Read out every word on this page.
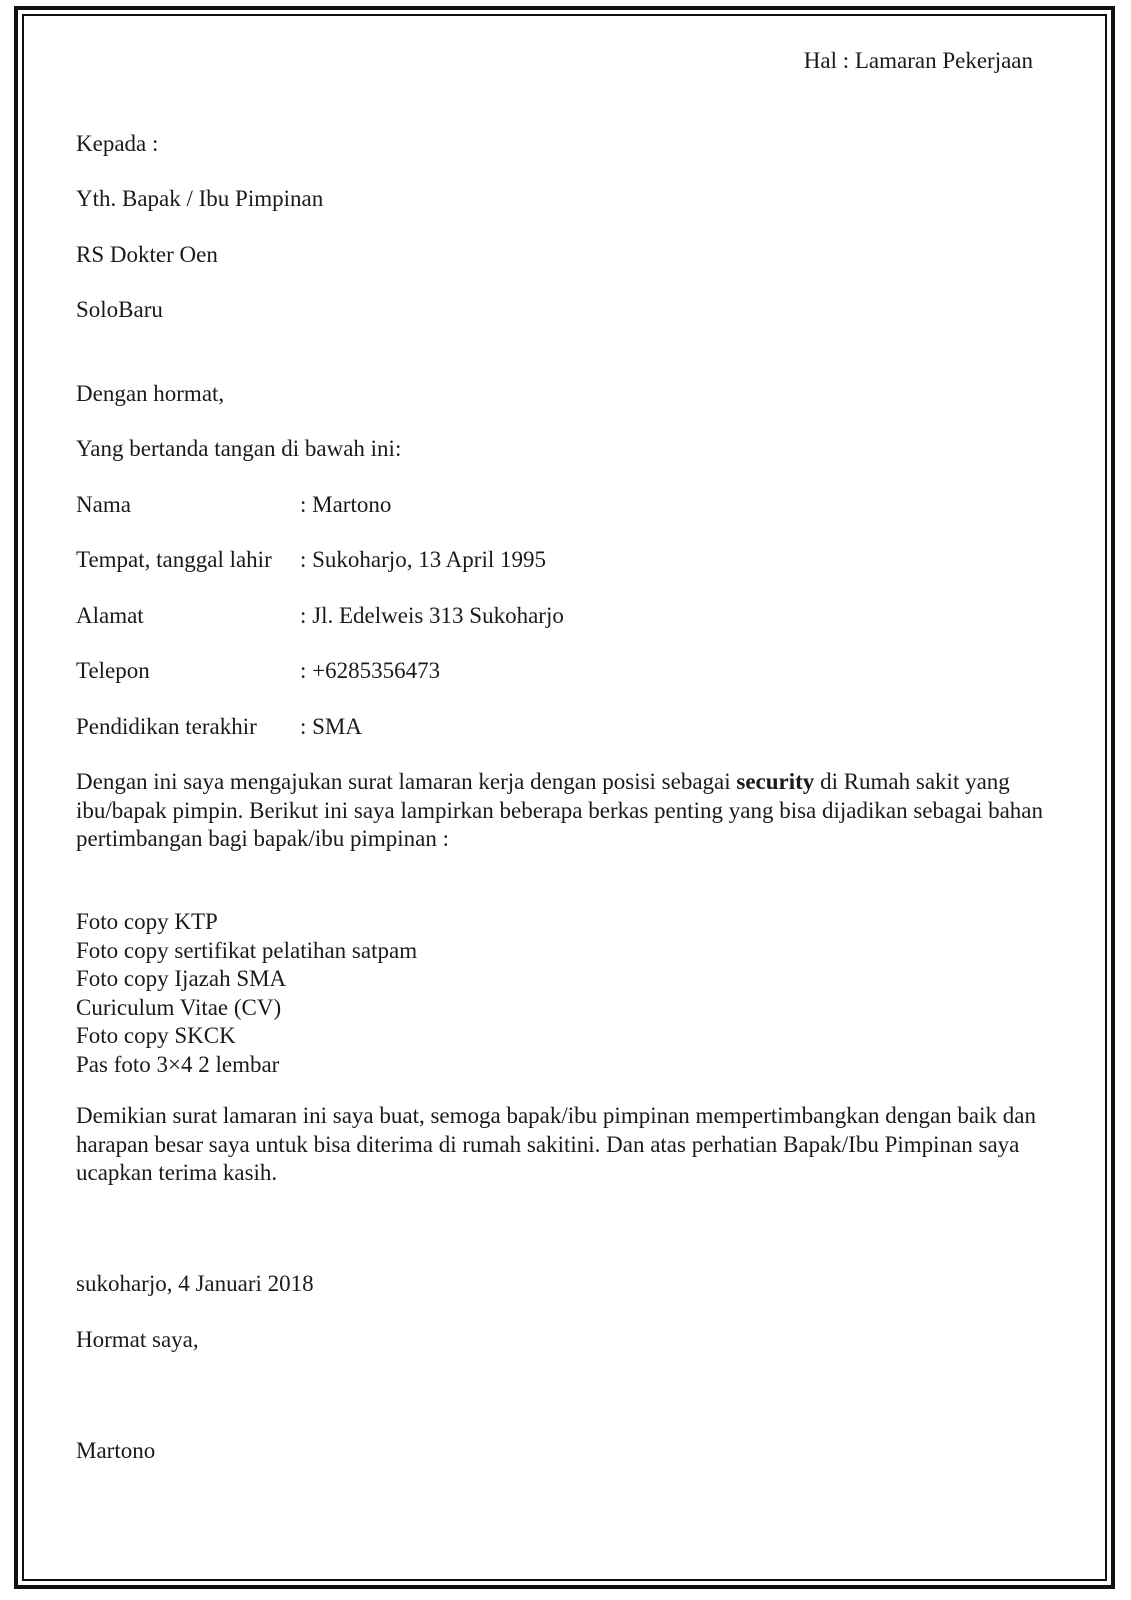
Hal : Lamaran Pekerjaan
Kepada :
Yth. Bapak / Ibu Pimpinan
RS Dokter Oen
SoloBaru
Dengan hormat,
Yang bertanda tangan di bawah ini:
Nama	: Martono
Tempat, tanggal lahir : Sukoharjo, 13 April 1995
Alamat	: Jl. Edelweis 313 Sukoharjo
Telepon	: +6285356473
Pendidikan terakhir : SMA
Dengan ini saya mengajukan surat lamaran kerja dengan posisi sebagai security di Rumah sakit yang ibu/bapak pimpin. Berikut ini saya lampirkan beberapa berkas penting yang bisa dijadikan sebagai bahan pertimbangan bagi bapak/ibu pimpinan :
Foto copy KTP
Foto copy sertifikat pelatihan satpam
Foto copy Ijazah SMA
Curiculum Vitae (CV)
Foto copy SKCK
Pas foto 3×4 2 lembar
Demikian surat lamaran ini saya buat, semoga bapak/ibu pimpinan mempertimbangkan dengan baik dan harapan besar saya untuk bisa diterima di rumah sakitini. Dan atas perhatian Bapak/Ibu Pimpinan saya ucapkan terima kasih.
sukoharjo, 4 Januari 2018
Hormat saya,
Martono
